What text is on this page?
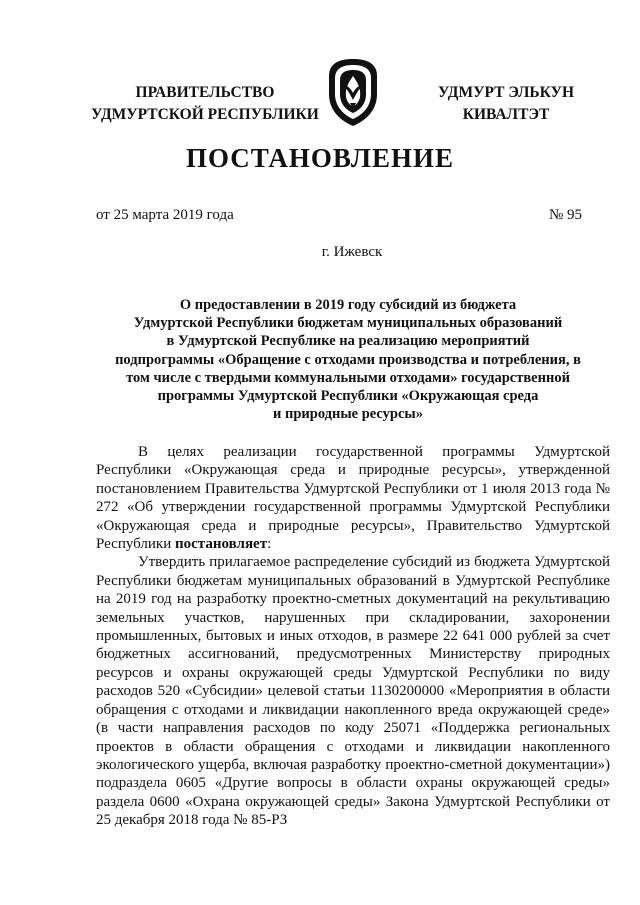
ПРАВИТЕЛЬСТВО
УДМУРТСКОЙ РЕСПУБЛИКИ
УДМУРТ ЭЛЬКУН
КИВАЛТЭТ
ПОСТАНОВЛЕНИЕ
от 25 марта 2019 года	№ 95
г. Ижевск
О предоставлении в 2019 году субсидий из бюджета
Удмуртской Республики бюджетам муниципальных образований
в Удмуртской Республике на реализацию мероприятий
подпрограммы «Обращение с отходами производства и потребления, в
том числе с твердыми коммунальными отходами» государственной
программы Удмуртской Республики «Окружающая среда
и природные ресурсы»

В целях реализации государственной программы Удмуртской Республики «Окружающая среда и природные ресурсы», утвержденной постановлением Правительства Удмуртской Республики от 1 июля 2013 года № 272 «Об утверждении государственной программы Удмуртской Республики «Окружающая среда и природные ресурсы», Правительство Удмуртской Республики постановляет:

Утвердить прилагаемое распределение субсидий из бюджета Удмуртской Республики бюджетам муниципальных образований в Удмуртской Республике на 2019 год на разработку проектно-сметных документаций на рекультивацию земельных участков, нарушенных при складировании, захоронении промышленных, бытовых и иных отходов, в размере 22 641 000 рублей за счет бюджетных ассигнований, предусмотренных Министерству природных ресурсов и охраны окружающей среды Удмуртской Республики по виду расходов 520 «Субсидии» целевой статьи 1130200000 «Мероприятия в области обращения с отходами и ликвидации накопленного вреда окружающей среде» (в части направления расходов по коду 25071 «Поддержка региональных проектов в области обращения с отходами и ликвидации накопленного экологического ущерба, включая разработку проектно-сметной документации») подраздела 0605 «Другие вопросы в области охраны окружающей среды» раздела 0600 «Охрана окружающей среды» Закона Удмуртской Республики от 25 декабря 2018 года № 85-РЗ
